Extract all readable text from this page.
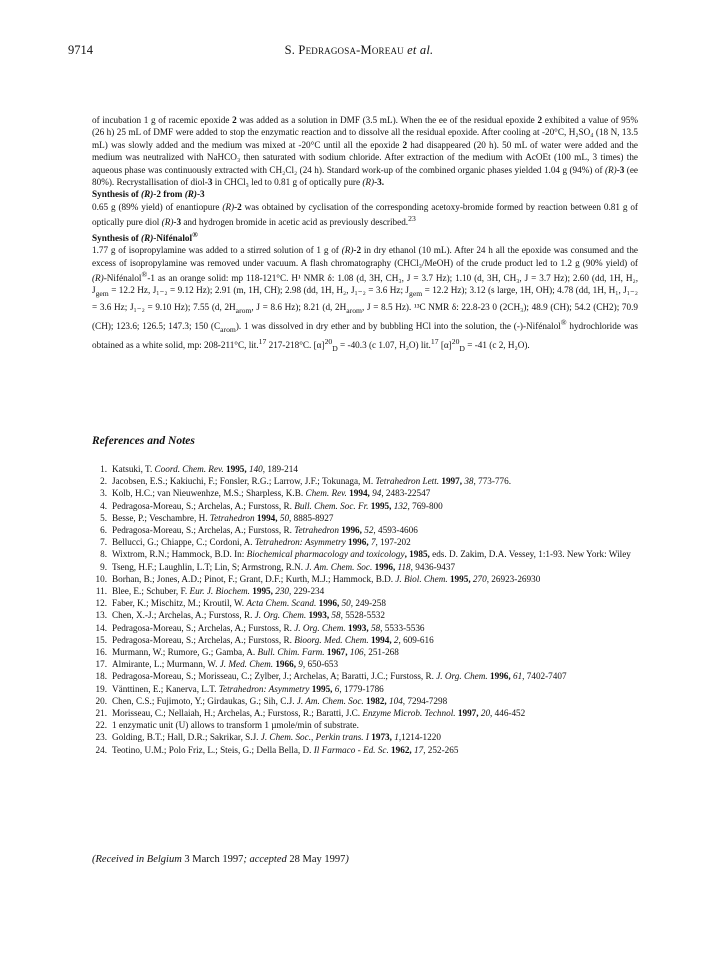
9714	S. Pedragosa-Moreau et al.

of incubation 1 g of racemic epoxide 2 was added as a solution in DMF (3.5 mL). When the ee of the residual epoxide 2 exhibited a value of 95% (26 h) 25 mL of DMF were added to stop the enzymatic reaction and to dissolve all the residual epoxide. After cooling at -20°C, H₂SO₄ (18 N, 13.5 mL) was slowly added and the medium was mixed at -20°C until all the epoxide 2 had disappeared (20 h). 50 mL of water were added and the medium was neutralized with NaHCO₃ then saturated with sodium chloride. After extraction of the medium with AcOEt (100 mL, 3 times) the aqueous phase was continuously extracted with CH₂Cl₂ (24 h). Standard work-up of the combined organic phases yielded 1.04 g (94%) of (R)-3 (ee 80%). Recrystallisation of diol-3 in CHCl₃ led to 0.81 g of optically pure (R)-3.

Synthesis of (R)-2 from (R)-3

0.65 g (89% yield) of enantiopure (R)-2 was obtained by cyclisation of the corresponding acetoxy-bromide formed by reaction between 0.81 g of optically pure diol (R)-3 and hydrogen bromide in acetic acid as previously described.$^{23}$

Synthesis of (R)-Nifénalol®

1.77 g of isopropylamine was added to a stirred solution of 1 g of (R)-2 in dry ethanol (10 mL). After 24 h all the epoxide was consumed and the excess of isopropylamine was removed under vacuum. A flash chromatography (CHCl₃/MeOH) of the crude product led to 1.2 g (90% yield) of (R)-Nifénalol®-1 as an orange solid: mp 118-121°C. H¹ NMR δ: 1.08 (d, 3H, CH₃, J = 3.7 Hz); 1.10 (d, 3H, CH₃, J = 3.7 Hz); 2.60 (dd, 1H, H₂, $J_{gem} = 12.2$ Hz, J₁₋₂ = 9.12 Hz); 2.91 (m, 1H, CH); 2.98 (dd, 1H, H₂, J₁₋₂ = 3.6 Hz; $J_{gem} = 12.2$ Hz); 3.12 (s large, 1H, OH); 4.78 (dd, 1H, H₁, J₁₋₂ = 3.6 Hz; J₁₋₂ = 9.10 Hz); 7.55 (d, $2H_{arom}$, J = 8.6 Hz); 8.21 (d, $2H_{arom}$, J = 8.5 Hz). ¹³C NMR δ: 22.8-23 0 (2CH₃); 48.9 (CH); 54.2 (CH2); 70.9 (CH); 123.6; 126.5; 147.3; 150 $(C_{arom})$. 1 was dissolved in dry ether and by bubbling HCl into the solution, the (-)-Nifénalol® hydrochloride was obtained as a white solid, mp: 208-211°C, lit.$^{17}$ 217-218°C. $[\alpha]^{20}_D = -40.3$ (c 1.07, H₂O) lit.$^{17}$ $[\alpha]^{20}_D = -41$ (c 2, H₂O).

References and Notes
1. Katsuki, T. Coord. Chem. Rev. 1995, 140, 189-214
2. Jacobsen, E.S.; Kakiuchi, F.; Fonsler, R.G.; Larrow, J.F.; Tokunaga, M. Tetrahedron Lett. 1997, 38, 773-776.
3. Kolb, H.C.; van Nieuwenhze, M.S.; Sharpless, K.B. Chem. Rev. 1994, 94, 2483-22547
4. Pedragosa-Moreau, S.; Archelas, A.; Furstoss, R. Bull. Chem. Soc. Fr. 1995, 132, 769-800
5. Besse, P.; Veschambre, H. Tetrahedron 1994, 50, 8885-8927
6. Pedragosa-Moreau, S.; Archelas, A.; Furstoss, R. Tetrahedron 1996, 52, 4593-4606
7. Bellucci, G.; Chiappe, C.; Cordoni, A. Tetrahedron: Asymmetry 1996, 7, 197-202
8. Wixtrom, R.N.; Hammock, B.D. In: Biochemical pharmacology and toxicology, 1985, eds. D. Zakim, D.A. Vessey, 1:1-93. New York: Wiley
9. Tseng, H.F.; Laughlin, L.T; Lin, S; Armstrong, R.N. J. Am. Chem. Soc. 1996, 118, 9436-9437
10. Borhan, B.; Jones, A.D.; Pinot, F.; Grant, D.F.; Kurth, M.J.; Hammock, B.D. J. Biol. Chem. 1995, 270, 26923-26930
11. Blee, E.; Schuber, F. Eur. J. Biochem. 1995, 230, 229-234
12. Faber, K.; Mischitz, M.; Kroutil, W. Acta Chem. Scand. 1996, 50, 249-258
13. Chen, X.-J.; Archelas, A.; Furstoss, R. J. Org. Chem. 1993, 58, 5528-5532
14. Pedragosa-Moreau, S.; Archelas, A.; Furstoss, R. J. Org. Chem. 1993, 58, 5533-5536
15. Pedragosa-Moreau, S.; Archelas, A.; Furstoss, R. Bioorg. Med. Chem. 1994, 2, 609-616
16. Murmann, W.; Rumore, G.; Gamba, A. Bull. Chim. Farm. 1967, 106, 251-268
17. Almirante, L.; Murmann, W. J. Med. Chem. 1966, 9, 650-653
18. Pedragosa-Moreau, S.; Morisseau, C.; Zylber, J.; Archelas, A; Baratti, J.C.; Furstoss, R. J. Org. Chem. 1996, 61, 7402-7407
19. Vänttinen, E.; Kanerva, L.T. Tetrahedron: Asymmetry 1995, 6, 1779-1786
20. Chen, C.S.; Fujimoto, Y.; Girdaukas, G.; Sih, C.J. J. Am. Chem. Soc. 1982, 104, 7294-7298
21. Morisseau, C.; Nellaiah, H.; Archelas, A.; Furstoss, R.; Baratti, J.C. Enzyme Microb. Technol. 1997, 20, 446-452
22. 1 enzymatic unit (U) allows to transform 1 µmole/min of substrate.
23. Golding, B.T.; Hall, D.R.; Sakrikar, S.J. J. Chem. Soc., Perkin trans. I 1973, 1,1214-1220
24. Teotino, U.M.; Polo Friz, L.; Steis, G.; Della Bella, D. Il Farmaco - Ed. Sc. 1962, 17, 252-265
(Received in Belgium 3 March 1997; accepted 28 May 1997)
